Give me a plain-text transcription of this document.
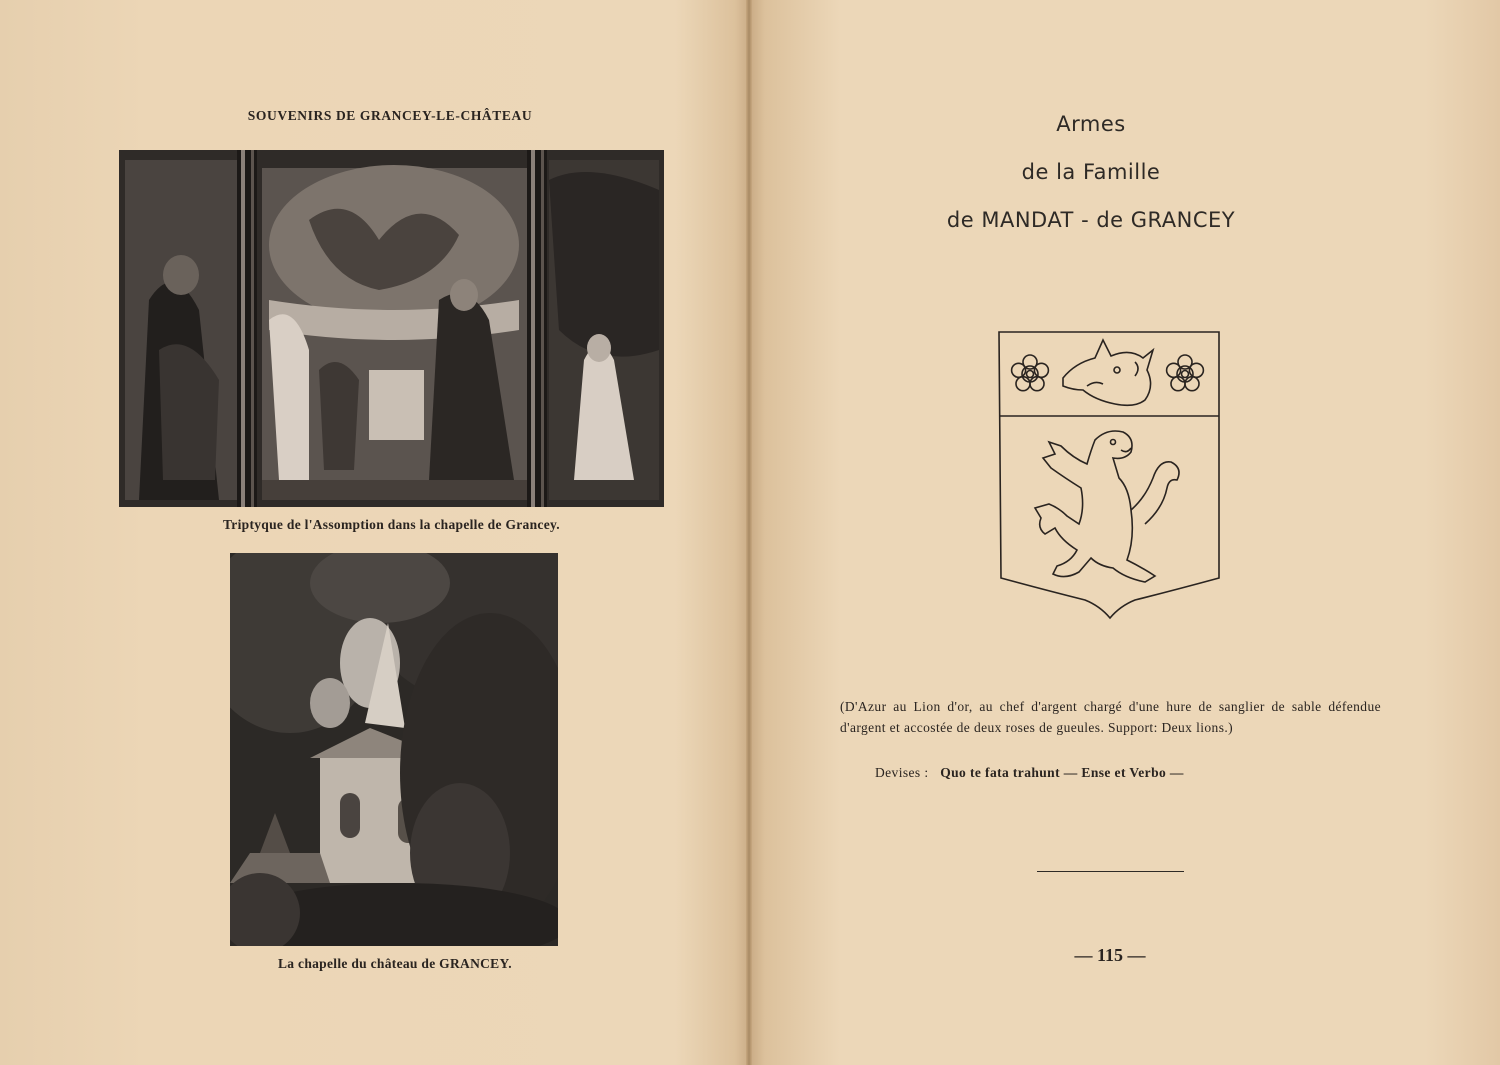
SOUVENIRS DE GRANCEY-LE-CHÂTEAU
Triptyque de l'Assomption dans la chapelle de Grancey.
La chapelle du château de GRANCEY.
Armes
de la Famille
de MANDAT - de GRANCEY
(D'Azur au Lion d'or, au chef d'argent chargé d'une hure de sanglier de sable défendue d'argent et accostée de deux roses de gueules. Support: Deux lions.)
Devises : Quo te fata trahunt — Ense et Verbo —
— 115 —
